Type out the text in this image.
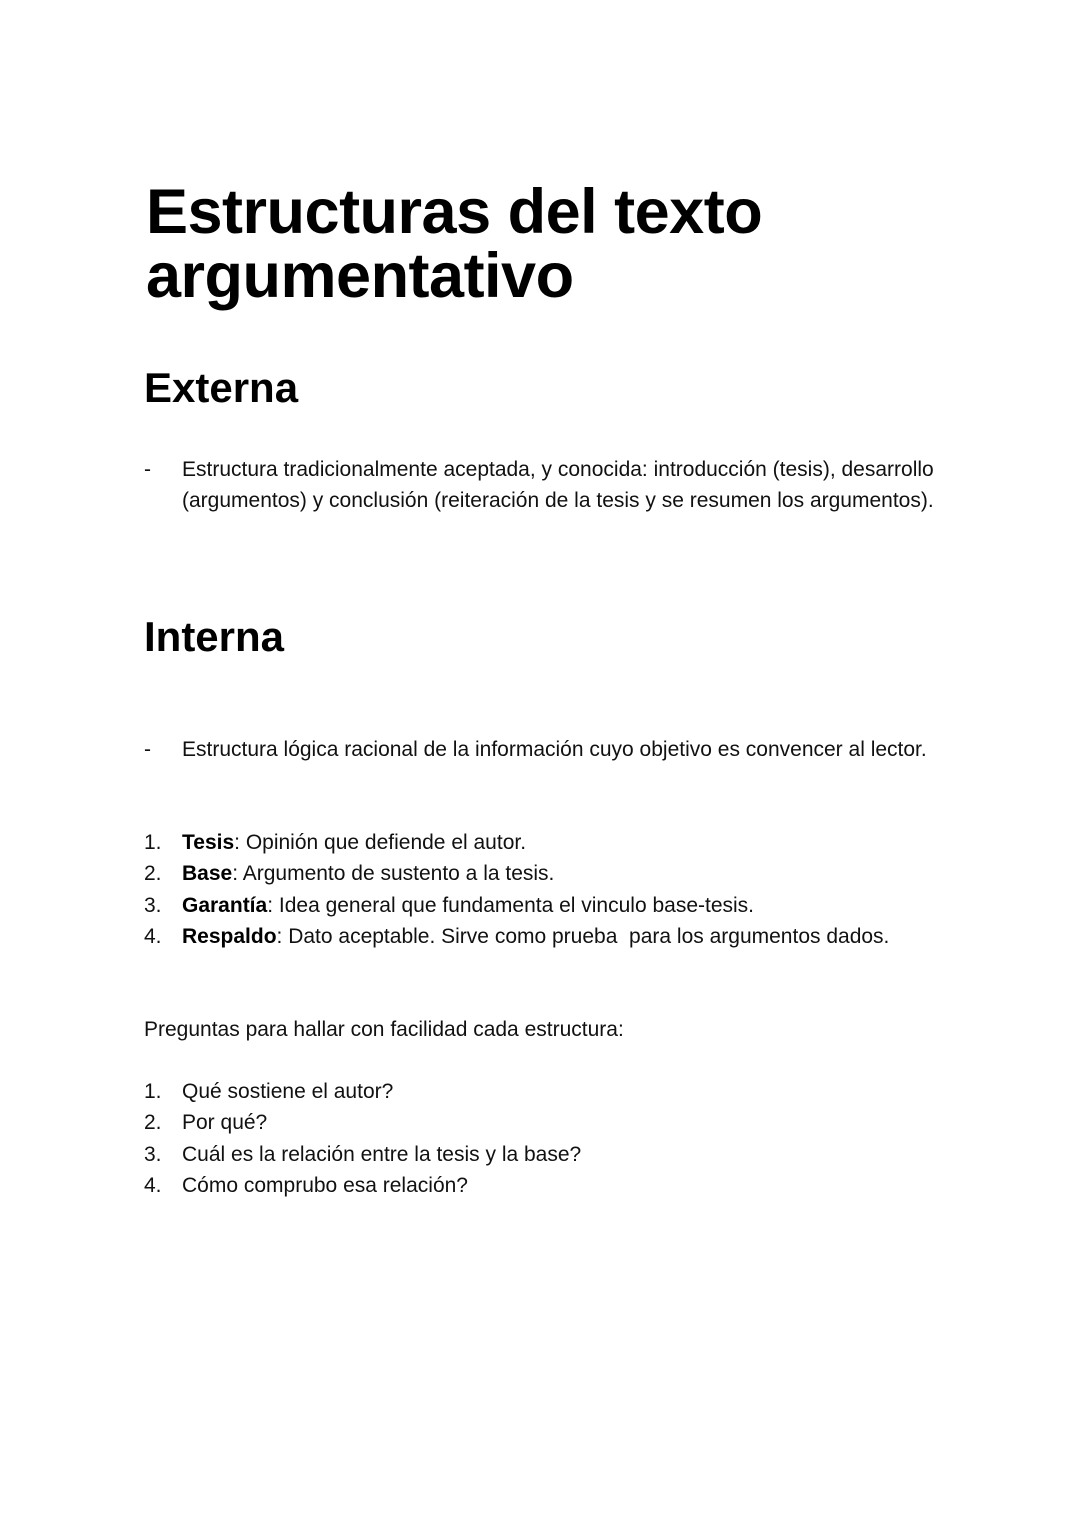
Estructuras del texto argumentativo
Externa
- Estructura tradicionalmente aceptada, y conocida: introducción (tesis), desarrollo (argumentos) y conclusión (reiteración de la tesis y se resumen los argumentos).
Interna
- Estructura lógica racional de la información cuyo objetivo es convencer al lector.
1. Tesis: Opinión que defiende el autor.
2. Base: Argumento de sustento a la tesis.
3. Garantía: Idea general que fundamenta el vinculo base-tesis.
4. Respaldo: Dato aceptable. Sirve como prueba  para los argumentos dados.

Preguntas para hallar con facilidad cada estructura:

1. Qué sostiene el autor?
2. Por qué?
3. Cuál es la relación entre la tesis y la base?
4. Cómo comprubo esa relación?
